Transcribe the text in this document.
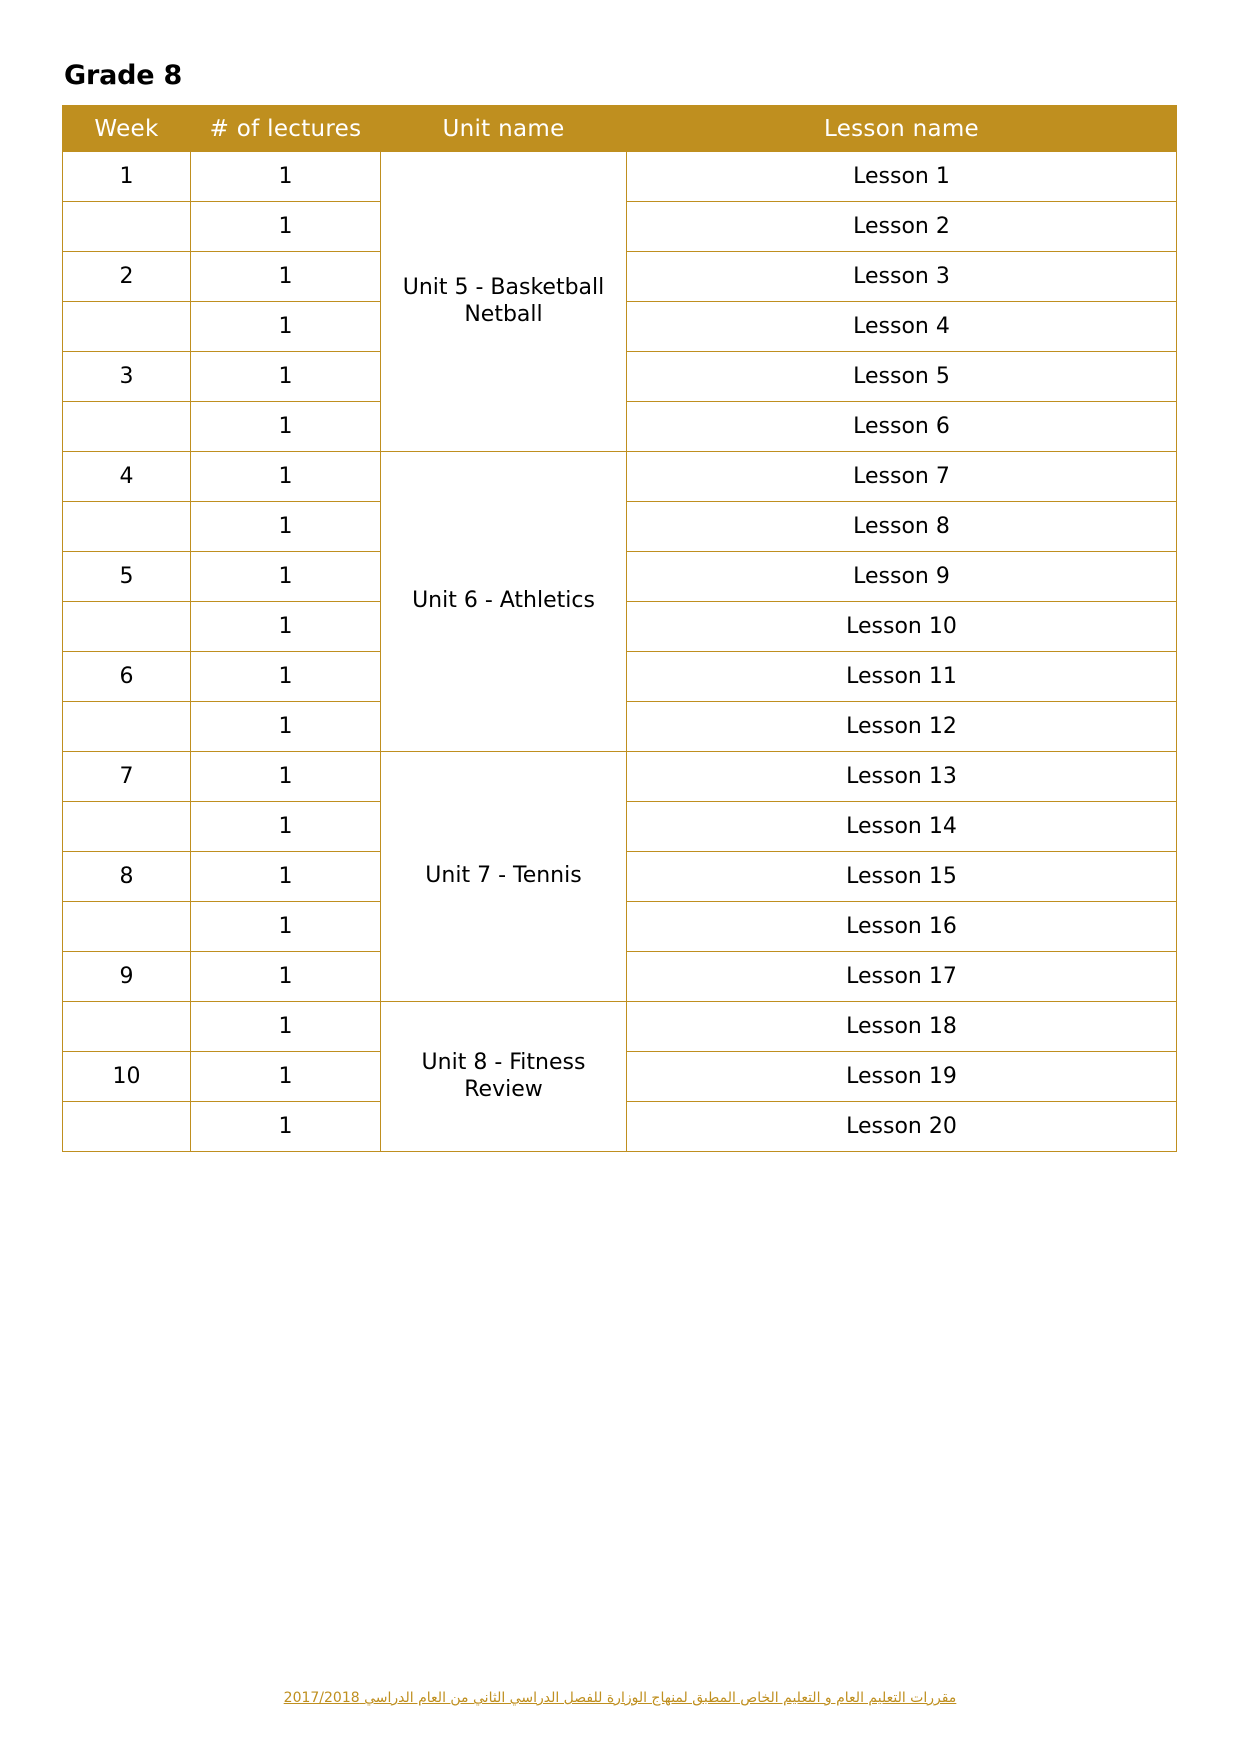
Grade 8
Week	# of lectures	Unit name	Lesson name
1	1	Unit 5 - Basketball Netball	Lesson 1
	1		Lesson 2
2	1		Lesson 3
	1		Lesson 4
3	1		Lesson 5
	1		Lesson 6
4	1	Unit 6 - Athletics	Lesson 7
	1		Lesson 8
5	1		Lesson 9
	1		Lesson 10
6	1		Lesson 11
	1		Lesson 12
7	1	Unit 7 - Tennis	Lesson 13
	1		Lesson 14
8	1		Lesson 15
	1		Lesson 16
9	1		Lesson 17
	1	Unit 8 - Fitness Review	Lesson 18
10	1		Lesson 19
	1		Lesson 20
مقررات التعليم العام و التعليم الخاص المطبق لمنهاج الوزارة للفصل الدراسي الثاني من العام الدراسي 2017/2018
